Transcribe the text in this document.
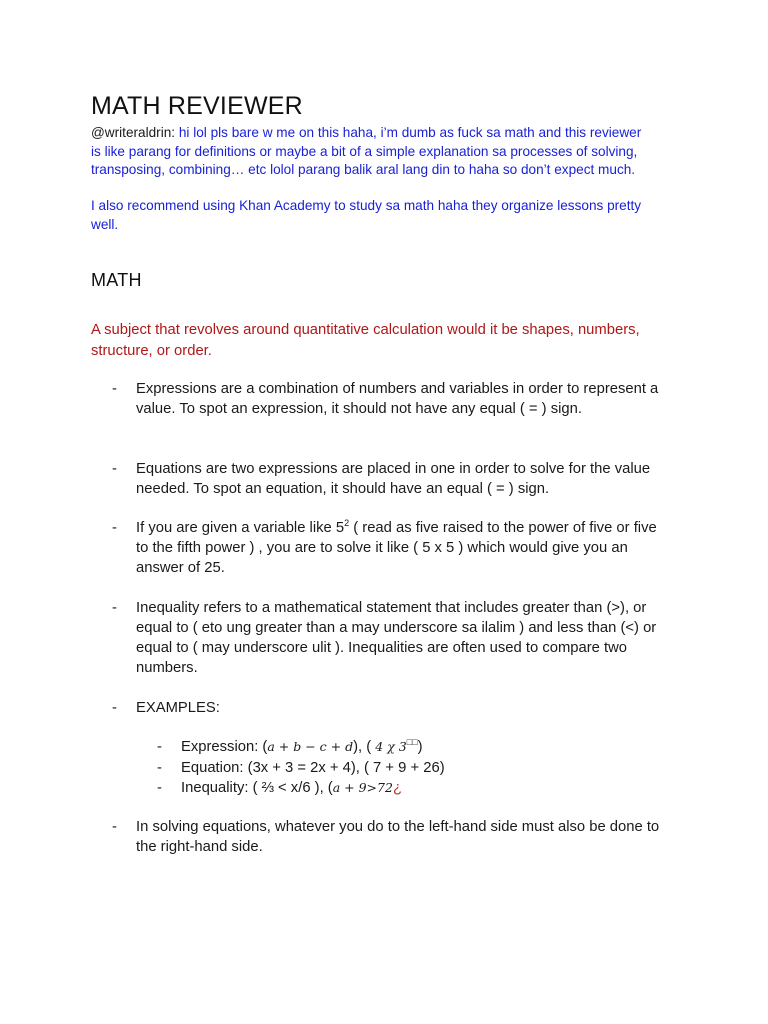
MATH REVIEWER

@writeraldrin: hi lol pls bare w me on this haha, i’m dumb as fuck sa math and this reviewer
is like parang for definitions or maybe a bit of a simple explanation sa processes of solving,
transposing, combining… etc lolol parang balik aral lang din to haha so don’t expect much.

I also recommend using Khan Academy to study sa math haha they organize lessons pretty
well.

MATH

A subject that revolves around quantitative calculation would it be shapes, numbers, structure, or order.

- Expressions are a combination of numbers and variables in order to represent a value. To spot an expression, it should not have any equal ( = ) sign.
- Equations are two expressions are placed in one in order to solve for the value needed. To spot an equation, it should have an equal ( = ) sign.
- If you are given a variable like $5^2$ ( read as five raised to the power of five or five to the fifth power ) , you are to solve it like ( 5 x 5 ) which would give you an answer of 25.
- Inequality refers to a mathematical statement that includes greater than (>), or equal to ( eto ung greater than a may underscore sa ilalim ) and less than (<) or equal to ( may underscore ulit ). Inequalities are often used to compare two numbers.
- EXAMPLES:
- Expression: (a + b − c + d), ( 4 χ 3□□)
- Equation: (3x + 3 = 2x + 4), ( 7 + 9 + 26)
- Inequality: ( ⅔ < x/6 ), (a + 9>72¿
- In solving equations, whatever you do to the left-hand side must also be done to the right-hand side.
